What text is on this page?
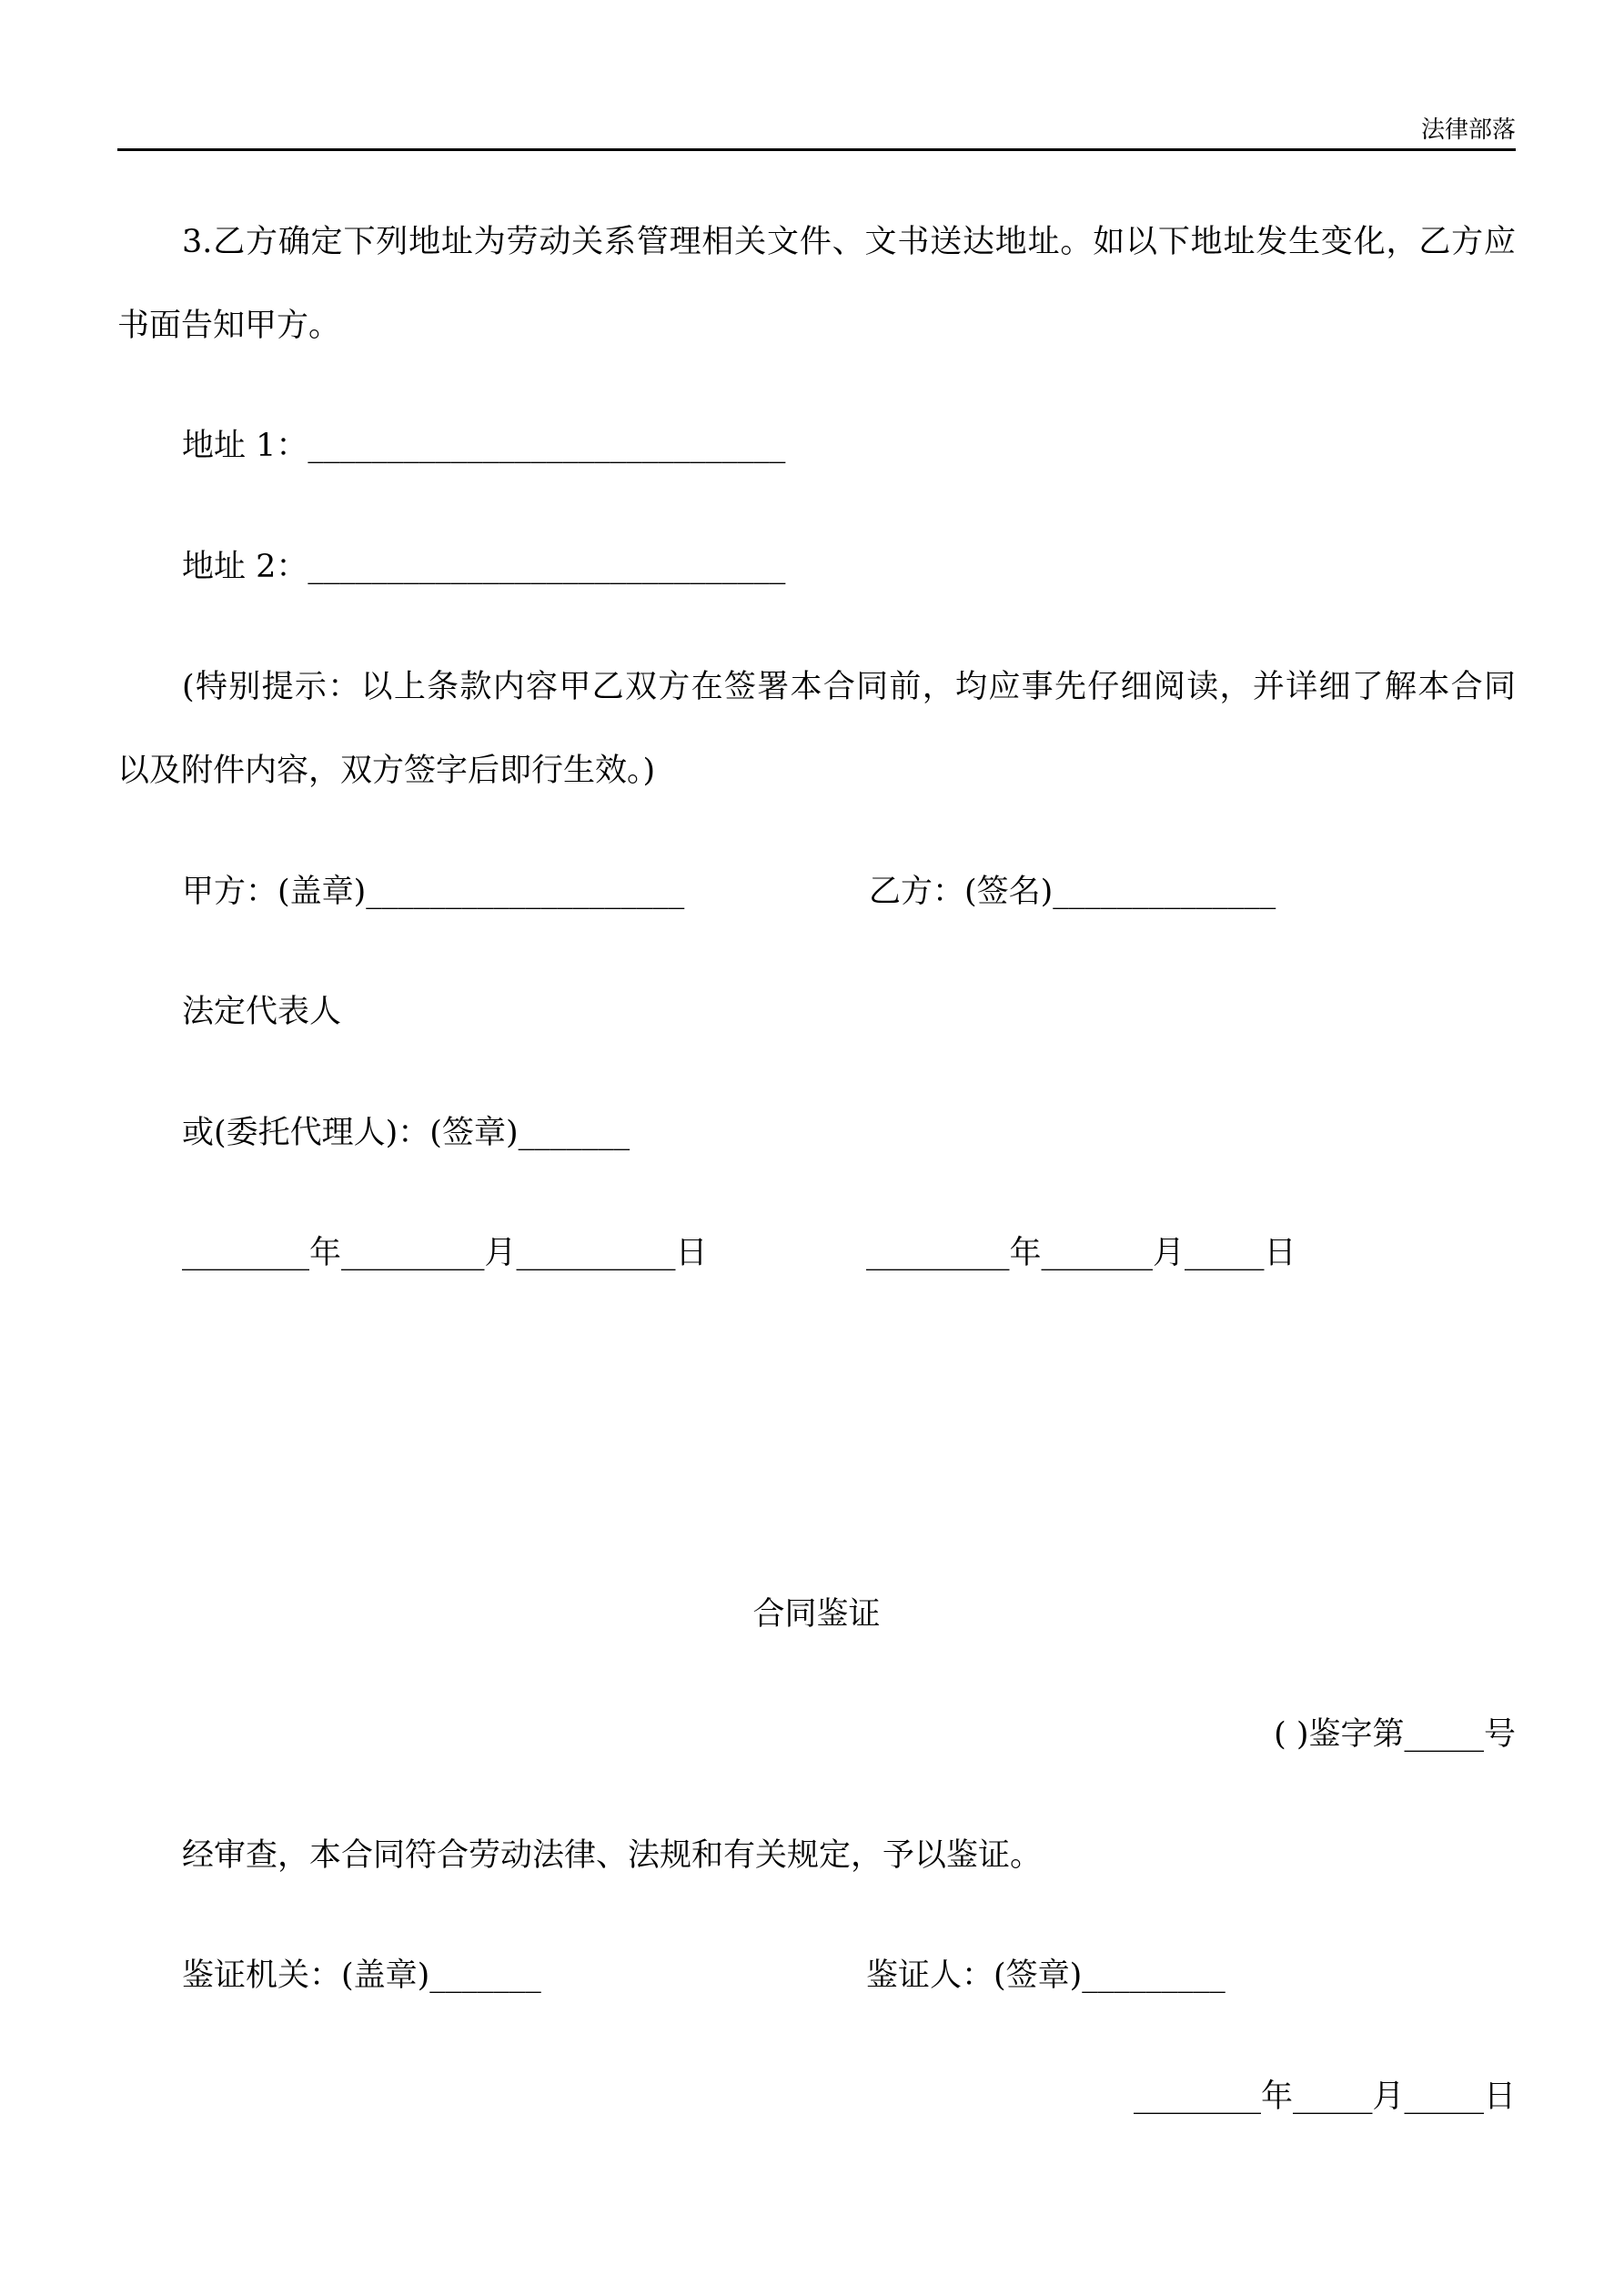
法律部落
3.乙方确定下列地址为劳动关系管理相关文件、文书送达地址。如以下地址发生变化，乙方应
书面告知甲方。
地址 1：______________________________
地址 2：______________________________
(特别提示：以上条款内容甲乙双方在签署本合同前，均应事先仔细阅读，并详细了解本合同
以及附件内容，双方签字后即行生效。)
甲方：(盖章)____________________	乙方：(签名)______________
法定代表人
或(委托代理人)：(签章)_______
________年_________月__________日	_________年_______月_____日
合同鉴证
( )鉴字第_____号
经审查，本合同符合劳动法律、法规和有关规定，予以鉴证。
鉴证机关：(盖章)_______	鉴证人：(签章)_________
________年_____月_____日
